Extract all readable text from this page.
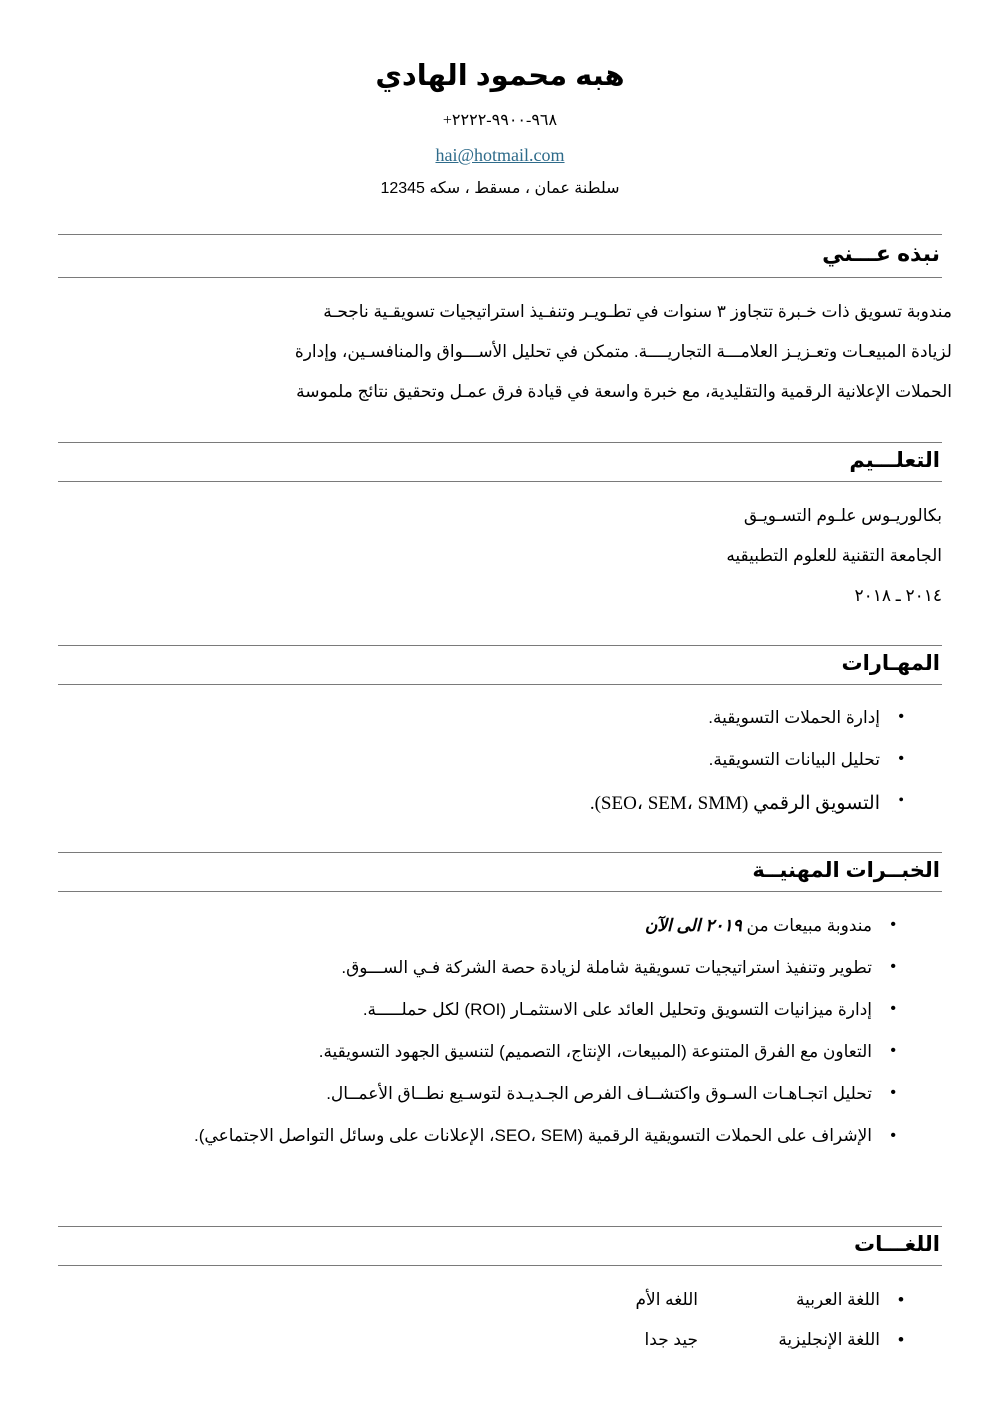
هبه محمود الهادي
+٩٦٨-٩٩٠٠-٢٢٢٢
hai@hotmail.com
سلطنة عمان ، مسقط ، سكه 12345
نبذه عـــني
مندوبة تسويق ذات خـبرة تتجاوز ٣ سنوات في تطـويـر وتنفـيذ استراتيجيات تسويقـية ناجحـة
لزيادة المبيعـات وتعـزيـز العلامـــة التجاريــــة. متمكن في تحليل الأســـواق والمنافسـين، وإدارة
الحملات الإعلانية الرقمية والتقليدية، مع خبرة واسعة في قيادة فرق عمـل وتحقيق نتائج ملموسة
التعلـــيم
بكالوريـوس علـوم التسـويـق
الجامعة التقنية للعلوم التطبيقيه
٢٠١٤ ـ ٢٠١٨
المهـارات
•
إدارة الحملات التسويقية.
•
تحليل البيانات التسويقية.
•
التسويق الرقمي (SEO، SEM، SMM).
الخبــرات المهنيــة
•
مندوبة مبيعات من ٢٠١٩ الى الآن
•
تطوير وتنفيذ استراتيجيات تسويقية شاملة لزيادة حصة الشركة فـي الســـوق.
•
إدارة ميزانيات التسويق وتحليل العائد على الاستثمـار (ROI) لكل حملـــــة.
•
التعاون مع الفرق المتنوعة (المبيعات، الإنتاج، التصميم) لتنسيق الجهود التسويقية.
•
تحليل اتجـاهـات السـوق واكتشــاف الفرص الجـديـدة لتوسـيع نطــاق الأعمــال.
•
الإشراف على الحملات التسويقية الرقمية (SEO، SEM، الإعلانات على وسائل التواصل الاجتماعي).
اللغـــات
•
اللغة العربية
اللغه الأم
•
اللغة الإنجليزية
جيد جدا
